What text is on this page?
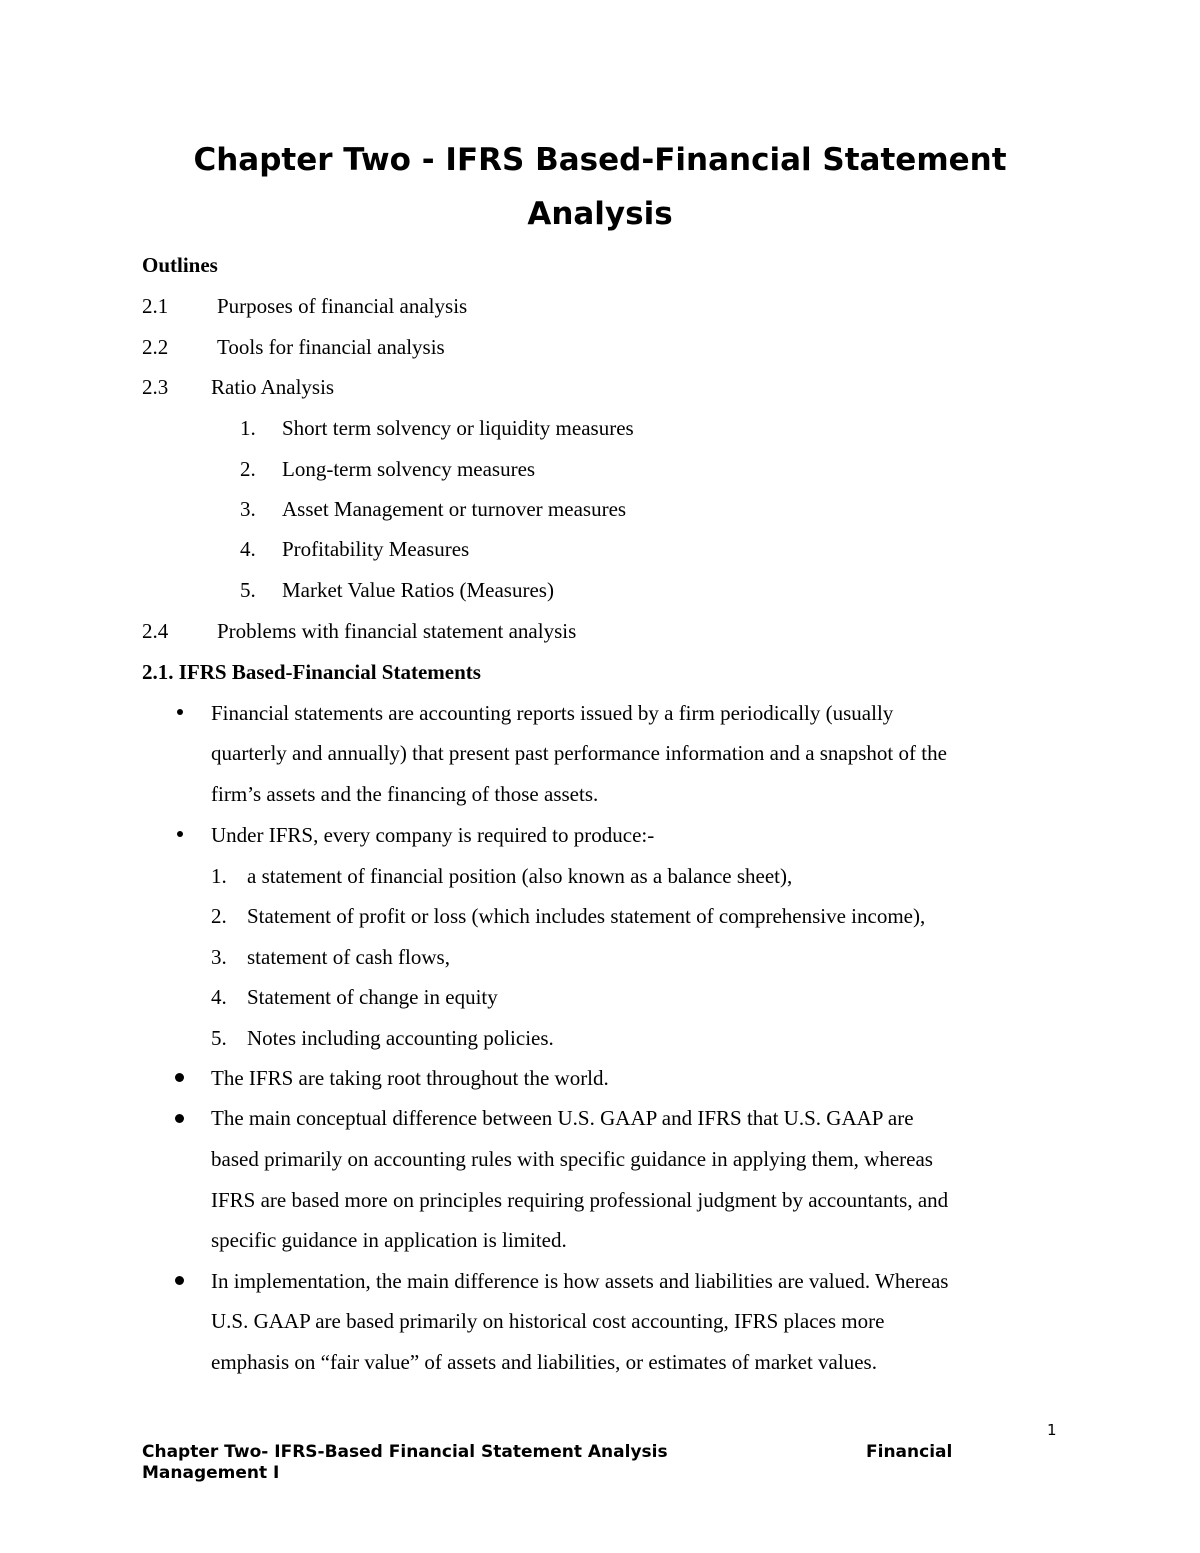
Chapter Two - IFRS Based-Financial Statement
Analysis
Outlines
2.1 Purposes of financial analysis
2.2 Tools for financial analysis
2.3 Ratio Analysis
1. Short term solvency or liquidity measures
2. Long-term solvency measures
3. Asset Management or turnover measures
4. Profitability Measures
5. Market Value Ratios (Measures)
2.4 Problems with financial statement analysis
2.1. IFRS Based-Financial Statements
Financial statements are accounting reports issued by a firm periodically (usually
quarterly and annually) that present past performance information and a snapshot of the
firm’s assets and the financing of those assets.
Under IFRS, every company is required to produce:-
1. a statement of financial position (also known as a balance sheet),
2. Statement of profit or loss (which includes statement of comprehensive income),
3. statement of cash flows,
4. Statement of change in equity
5. Notes including accounting policies.
The IFRS are taking root throughout the world.
The main conceptual difference between U.S. GAAP and IFRS that U.S. GAAP are
based primarily on accounting rules with specific guidance in applying them, whereas
IFRS are based more on principles requiring professional judgment by accountants, and
specific guidance in application is limited.
In implementation, the main difference is how assets and liabilities are valued. Whereas
U.S. GAAP are based primarily on historical cost accounting, IFRS places more
emphasis on “fair value” of assets and liabilities, or estimates of market values.
1
Chapter Two- IFRS-Based Financial Statement Analysis	Financial
Management I
